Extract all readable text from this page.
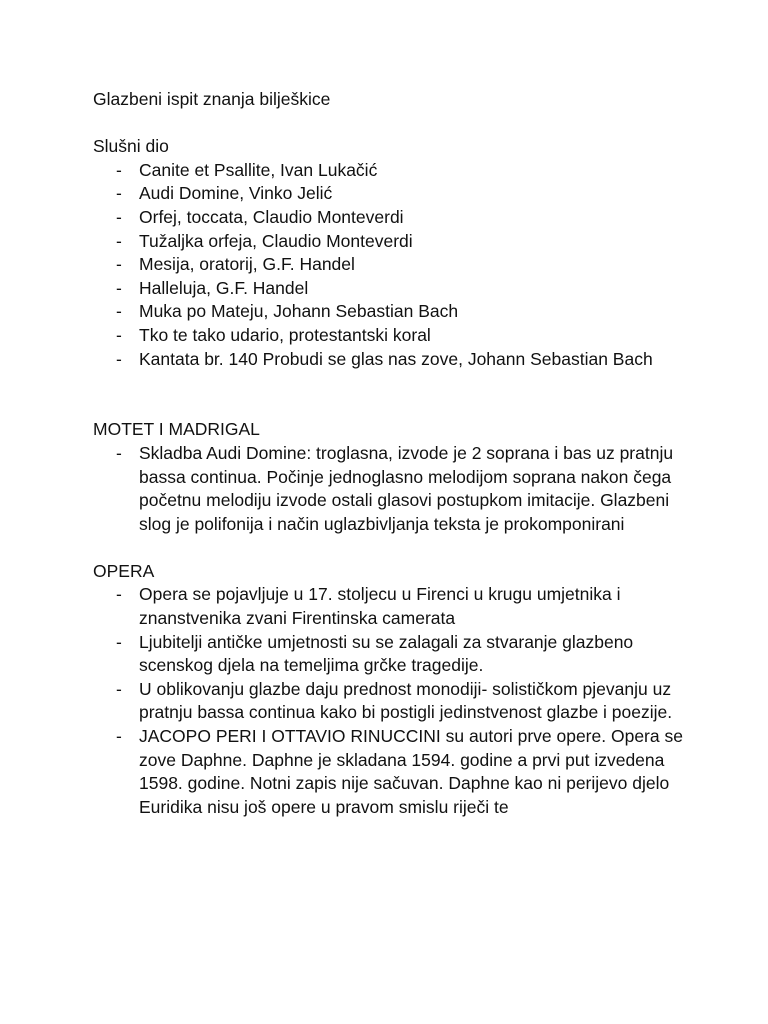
Glazbeni ispit znanja bilješkice

Slušni dio

- Canite et Psallite, Ivan Lukačić
- Audi Domine, Vinko Jelić
- Orfej, toccata, Claudio Monteverdi
- Tužaljka orfeja, Claudio Monteverdi
- Mesija, oratorij, G.F. Handel
- Halleluja, G.F. Handel
- Muka po Mateju, Johann Sebastian Bach
- Tko te tako udario, protestantski koral
- Kantata br. 140 Probudi se glas nas zove, Johann Sebastian Bach

MOTET I MADRIGAL

- Skladba Audi Domine: troglasna, izvode je 2 soprana i bas uz pratnju bassa continua. Počinje jednoglasno melodijom soprana nakon čega početnu melodiju izvode ostali glasovi postupkom imitacije. Glazbeni slog je polifonija i način uglazbivljanja teksta je prokomponirani

OPERA

- Opera se pojavljuje u 17. stoljecu u Firenci u krugu umjetnika i znanstvenika zvani Firentinska camerata
- Ljubitelji antičke umjetnosti su se zalagali za stvaranje glazbeno scenskog djela na temeljima grčke tragedije.
- U oblikovanju glazbe daju prednost monodiji- solističkom pjevanju uz pratnju bassa continua kako bi postigli jedinstvenost glazbe i poezije.
- JACOPO PERI I OTTAVIO RINUCCINI su autori prve opere. Opera se zove Daphne. Daphne je skladana 1594. godine a prvi put izvedena 1598. godine. Notni zapis nije sačuvan. Daphne kao ni perijevo djelo Euridika nisu još opere u pravom smislu riječi te
